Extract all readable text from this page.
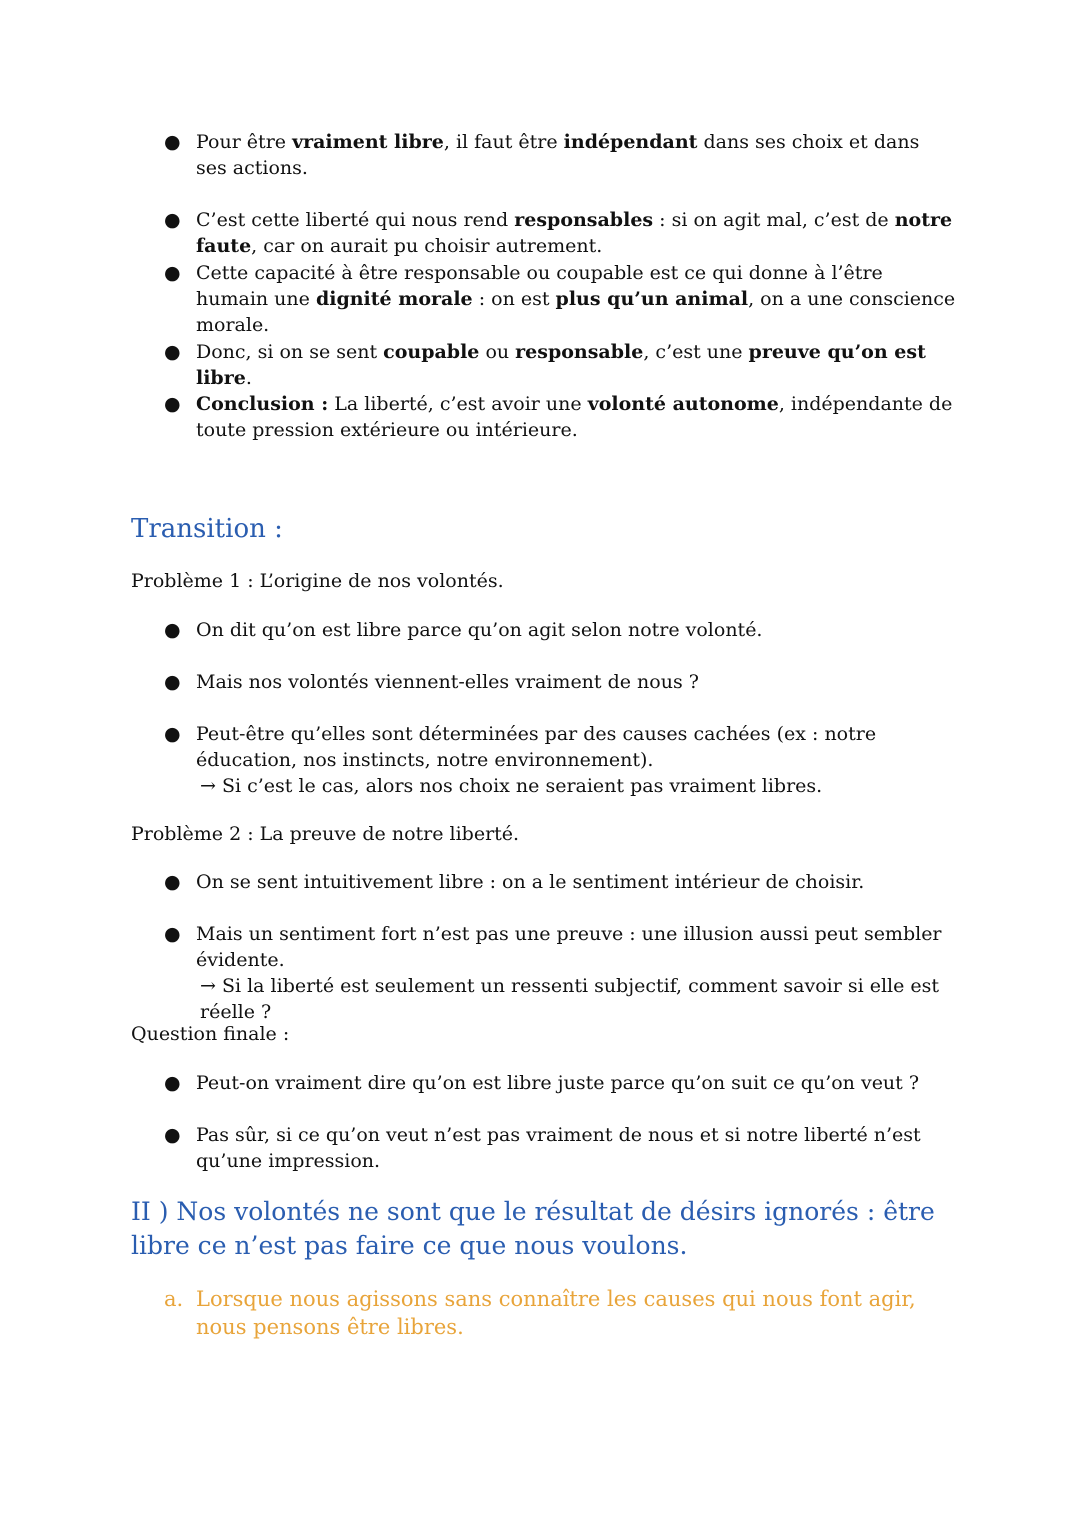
● Pour être vraiment libre, il faut être indépendant dans ses choix et dans ses actions.
● C’est cette liberté qui nous rend responsables : si on agit mal, c’est de notre faute, car on aurait pu choisir autrement.
● Cette capacité à être responsable ou coupable est ce qui donne à l’être humain une dignité morale : on est plus qu’un animal, on a une conscience morale.
● Donc, si on se sent coupable ou responsable, c’est une preuve qu’on est libre.
● Conclusion : La liberté, c’est avoir une volonté autonome, indépendante de toute pression extérieure ou intérieure.
Transition :

Problème 1 : L’origine de nos volontés.

● On dit qu’on est libre parce qu’on agit selon notre volonté.
● Mais nos volontés viennent-elles vraiment de nous ?
● Peut-être qu’elles sont déterminées par des causes cachées (ex : notre éducation, nos instincts, notre environnement).
→ Si c’est le cas, alors nos choix ne seraient pas vraiment libres.

Problème 2 : La preuve de notre liberté.

● On se sent intuitivement libre : on a le sentiment intérieur de choisir.
● Mais un sentiment fort n’est pas une preuve : une illusion aussi peut sembler évidente.
→ Si la liberté est seulement un ressenti subjectif, comment savoir si elle est réelle ?

Question finale :

● Peut-on vraiment dire qu’on est libre juste parce qu’on suit ce qu’on veut ?
● Pas sûr, si ce qu’on veut n’est pas vraiment de nous et si notre liberté n’est qu’une impression.
II ) Nos volontés ne sont que le résultat de désirs ignorés : être libre ce n’est pas faire ce que nous voulons.
a. Lorsque nous agissons sans connaître les causes qui nous font agir, nous pensons être libres.
